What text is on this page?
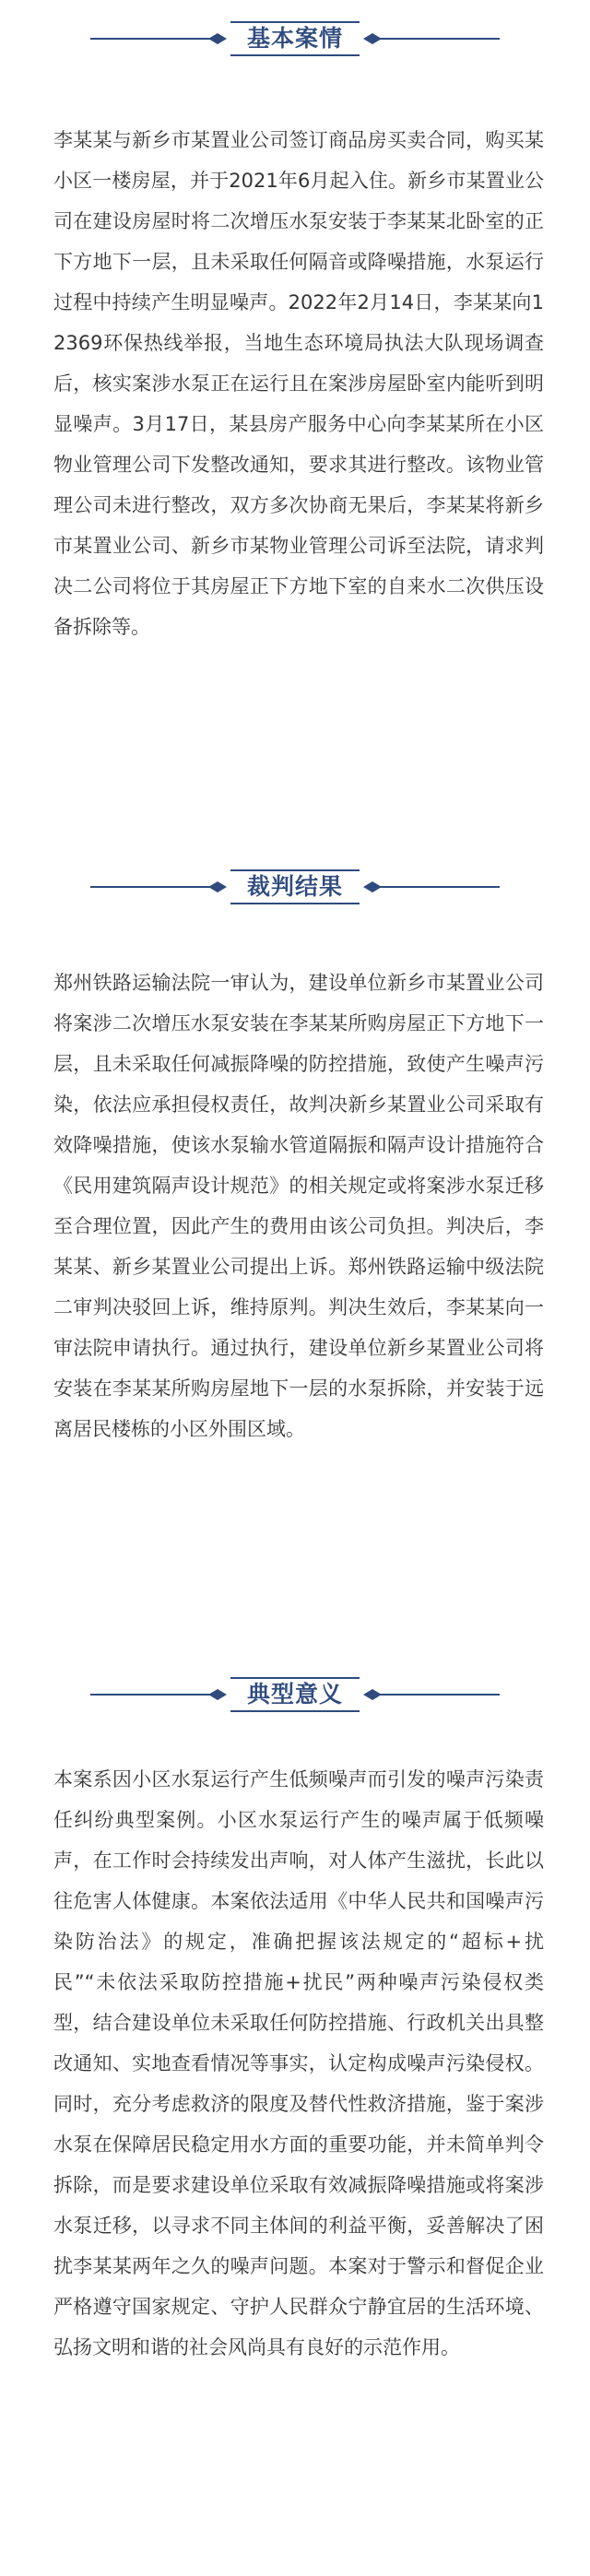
基本案情

李某某与新乡市某置业公司签订商品房买卖合同，购买某小区一楼房屋，并于2021年6月起入住。新乡市某置业公司在建设房屋时将二次增压水泵安装于李某某北卧室的正下方地下一层，且未采取任何隔音或降噪措施，水泵运行过程中持续产生明显噪声。2022年2月14日，李某某向12369环保热线举报，当地生态环境局执法大队现场调查后，核实案涉水泵正在运行且在案涉房屋卧室内能听到明显噪声。3月17日，某县房产服务中心向李某某所在小区物业管理公司下发整改通知，要求其进行整改。该物业管理公司未进行整改，双方多次协商无果后，李某某将新乡市某置业公司、新乡市某物业管理公司诉至法院，请求判决二公司将位于其房屋正下方地下室的自来水二次供压设备拆除等。

裁判结果

郑州铁路运输法院一审认为，建设单位新乡市某置业公司将案涉二次增压水泵安装在李某某所购房屋正下方地下一层，且未采取任何减振降噪的防控措施，致使产生噪声污染，依法应承担侵权责任，故判决新乡某置业公司采取有效降噪措施，使该水泵输水管道隔振和隔声设计措施符合《民用建筑隔声设计规范》的相关规定或将案涉水泵迁移至合理位置，因此产生的费用由该公司负担。判决后，李某某、新乡某置业公司提出上诉。郑州铁路运输中级法院二审判决驳回上诉，维持原判。判决生效后，李某某向一审法院申请执行。通过执行，建设单位新乡某置业公司将安装在李某某所购房屋地下一层的水泵拆除，并安装于远离居民楼栋的小区外围区域。

典型意义

本案系因小区水泵运行产生低频噪声而引发的噪声污染责任纠纷典型案例。小区水泵运行产生的噪声属于低频噪声，在工作时会持续发出声响，对人体产生滋扰，长此以往危害人体健康。本案依法适用《中华人民共和国噪声污染防治法》的规定，准确把握该法规定的“超标+扰民”“未依法采取防控措施+扰民”两种噪声污染侵权类型，结合建设单位未采取任何防控措施、行政机关出具整改通知、实地查看情况等事实，认定构成噪声污染侵权。同时，充分考虑救济的限度及替代性救济措施，鉴于案涉水泵在保障居民稳定用水方面的重要功能，并未简单判令拆除，而是要求建设单位采取有效减振降噪措施或将案涉水泵迁移，以寻求不同主体间的利益平衡，妥善解决了困扰李某某两年之久的噪声问题。本案对于警示和督促企业严格遵守国家规定、守护人民群众宁静宜居的生活环境、弘扬文明和谐的社会风尚具有良好的示范作用。
